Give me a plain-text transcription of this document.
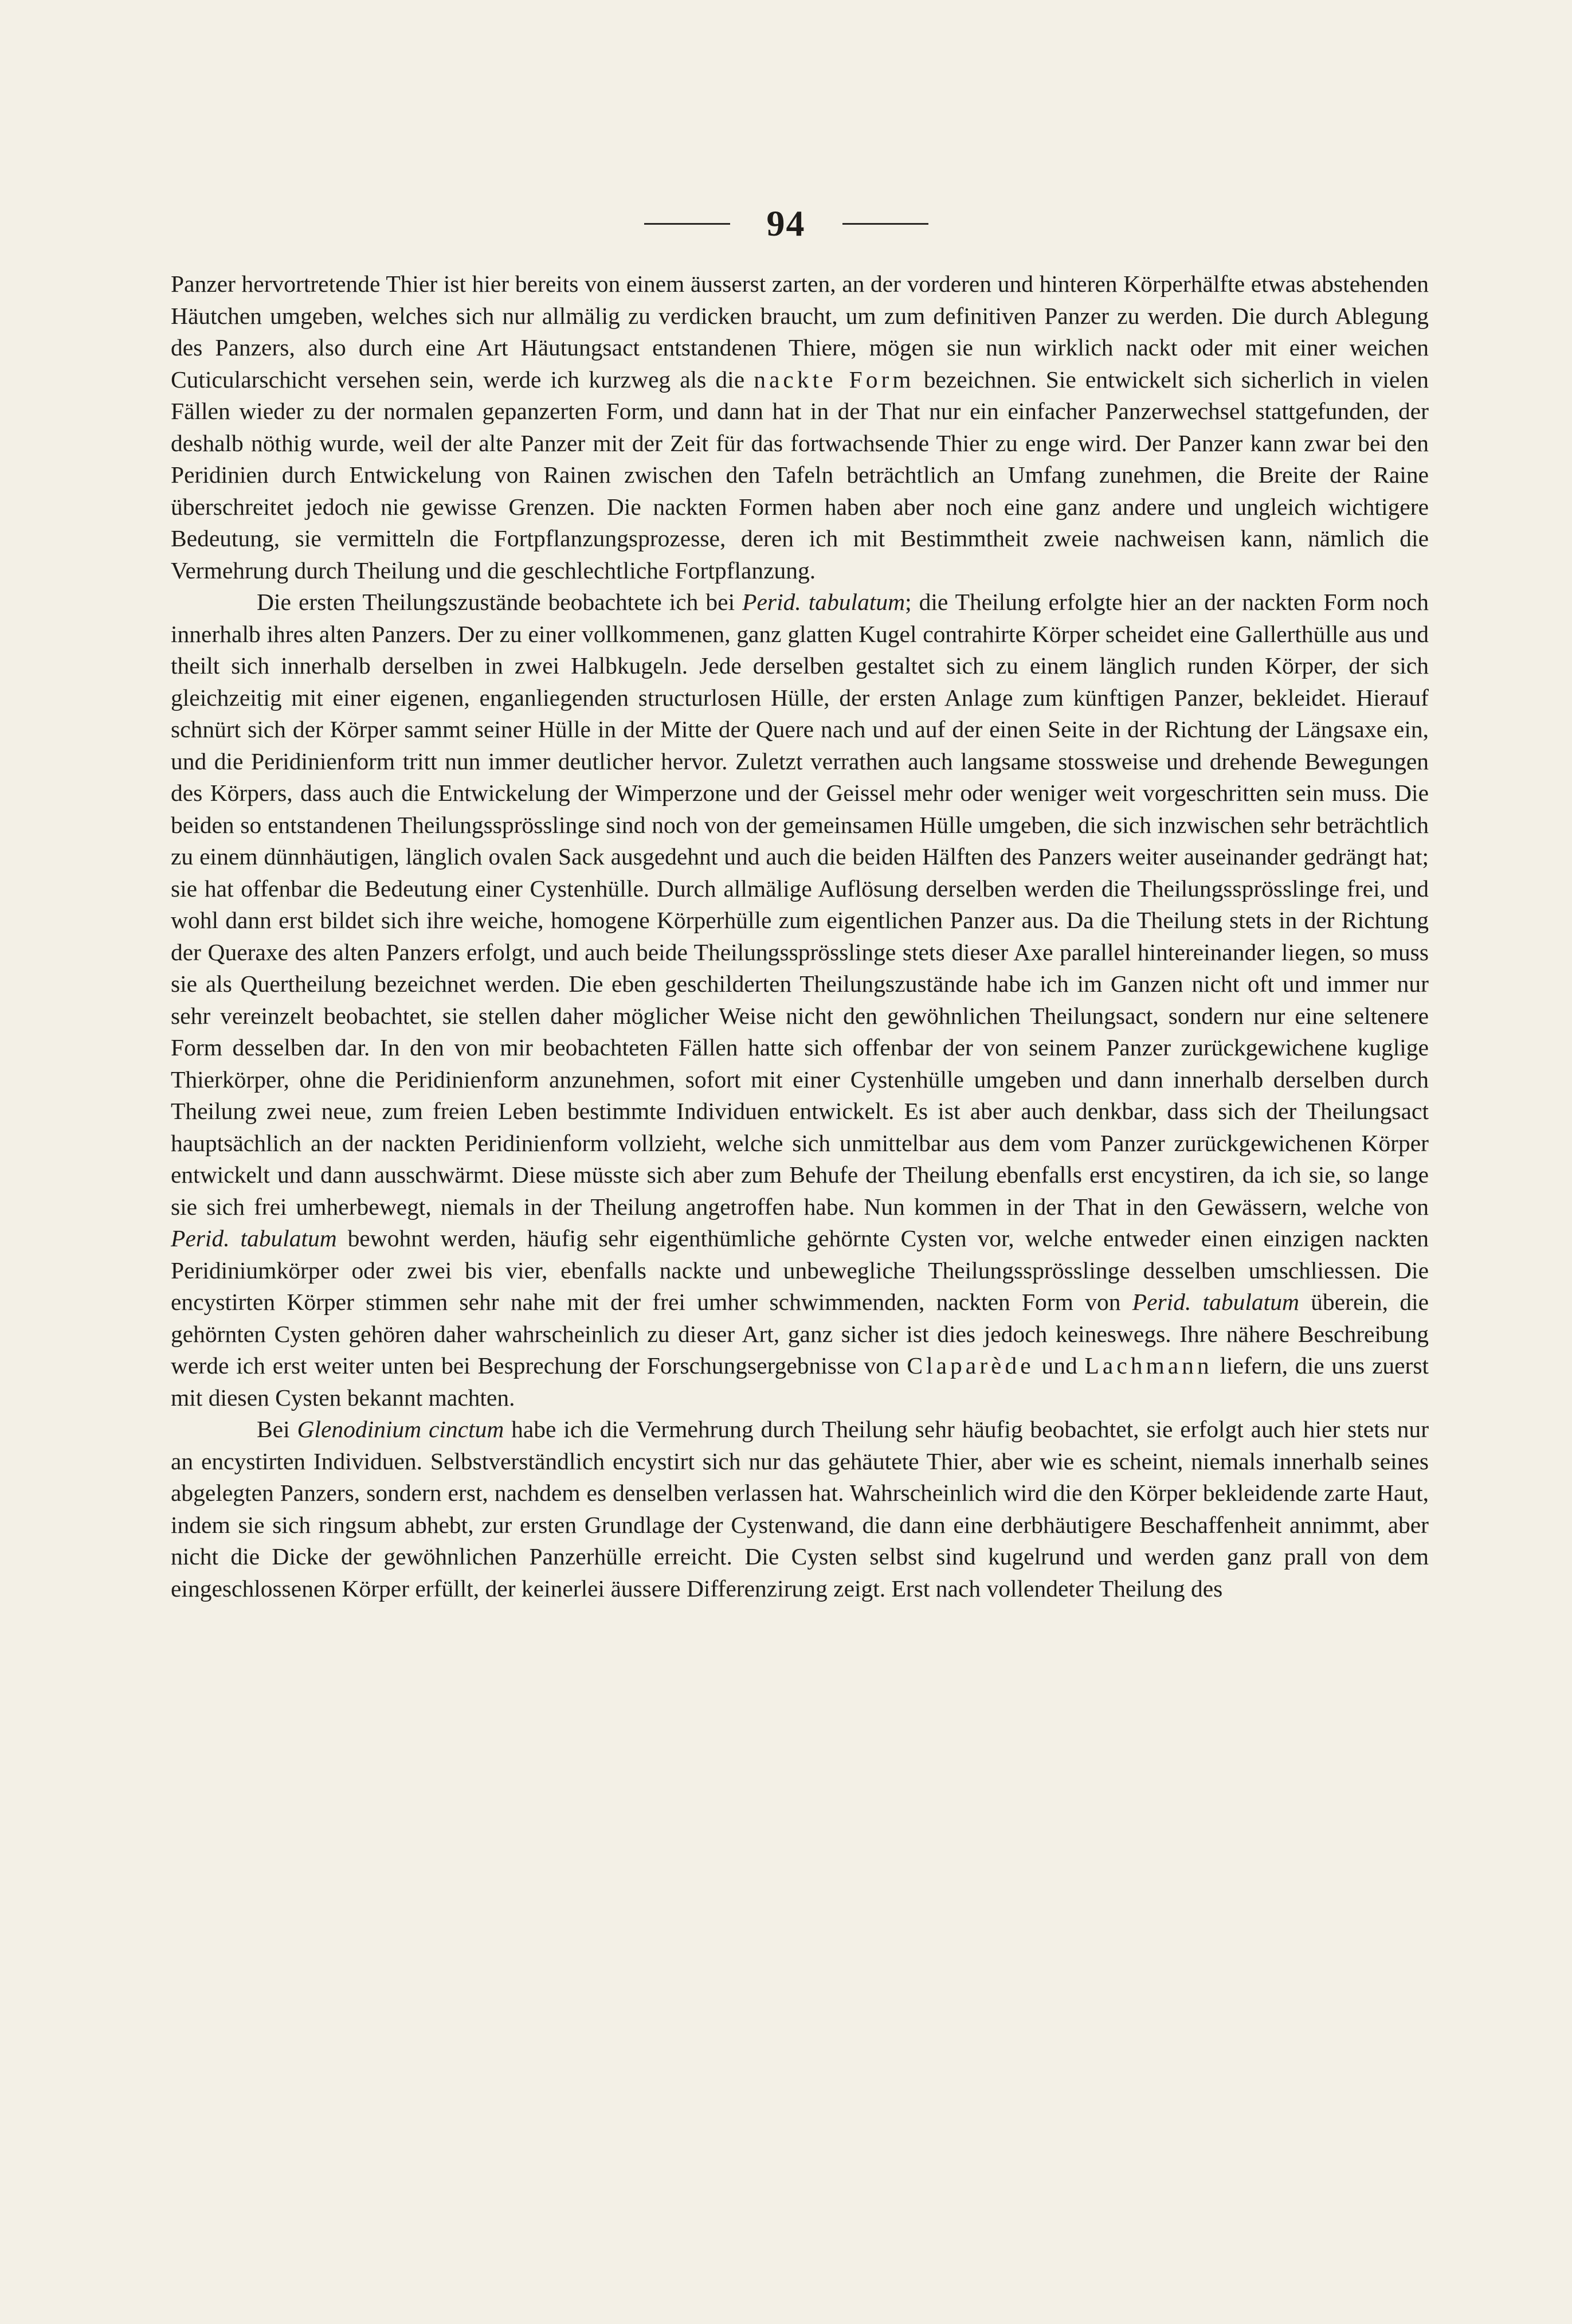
94

Panzer hervortretende Thier ist hier bereits von einem äusserst zarten, an der vorderen und hinteren Körperhälfte etwas abstehenden Häutchen umgeben, welches sich nur allmälig zu verdicken braucht, um zum definitiven Panzer zu werden. Die durch Ablegung des Panzers, also durch eine Art Häutungsact entstandenen Thiere, mögen sie nun wirklich nackt oder mit einer weichen Cuticularschicht versehen sein, werde ich kurzweg als die nackte Form bezeichnen. Sie entwickelt sich sicherlich in vielen Fällen wieder zu der normalen gepanzerten Form, und dann hat in der That nur ein einfacher Panzerwechsel stattgefunden, der deshalb nöthig wurde, weil der alte Panzer mit der Zeit für das fortwachsende Thier zu enge wird. Der Panzer kann zwar bei den Peridinien durch Entwickelung von Rainen zwischen den Tafeln beträchtlich an Umfang zunehmen, die Breite der Raine überschreitet jedoch nie gewisse Grenzen. Die nackten Formen haben aber noch eine ganz andere und ungleich wichtigere Bedeutung, sie vermitteln die Fortpflanzungsprozesse, deren ich mit Bestimmtheit zweie nachweisen kann, nämlich die Vermehrung durch Theilung und die geschlechtliche Fortpflanzung.

Die ersten Theilungszustände beobachtete ich bei Perid. tabulatum; die Theilung erfolgte hier an der nackten Form noch innerhalb ihres alten Panzers. Der zu einer vollkommenen, ganz glatten Kugel contrahirte Körper scheidet eine Gallerthülle aus und theilt sich innerhalb derselben in zwei Halbkugeln. Jede derselben gestaltet sich zu einem länglich runden Körper, der sich gleichzeitig mit einer eigenen, enganliegenden structurlosen Hülle, der ersten Anlage zum künftigen Panzer, bekleidet. Hierauf schnürt sich der Körper sammt seiner Hülle in der Mitte der Quere nach und auf der einen Seite in der Richtung der Längsaxe ein, und die Peridinienform tritt nun immer deutlicher hervor. Zuletzt verrathen auch langsame stossweise und drehende Bewegungen des Körpers, dass auch die Entwickelung der Wimperzone und der Geissel mehr oder weniger weit vorgeschritten sein muss. Die beiden so entstandenen Theilungssprösslinge sind noch von der gemeinsamen Hülle umgeben, die sich inzwischen sehr beträchtlich zu einem dünnhäutigen, länglich ovalen Sack ausgedehnt und auch die beiden Hälften des Panzers weiter auseinander gedrängt hat; sie hat offenbar die Bedeutung einer Cystenhülle. Durch allmälige Auflösung derselben werden die Theilungssprösslinge frei, und wohl dann erst bildet sich ihre weiche, homogene Körperhülle zum eigentlichen Panzer aus. Da die Theilung stets in der Richtung der Queraxe des alten Panzers erfolgt, und auch beide Theilungssprösslinge stets dieser Axe parallel hintereinander liegen, so muss sie als Quertheilung bezeichnet werden. Die eben geschilderten Theilungszustände habe ich im Ganzen nicht oft und immer nur sehr vereinzelt beobachtet, sie stellen daher möglicher Weise nicht den gewöhnlichen Theilungsact, sondern nur eine seltenere Form desselben dar. In den von mir beobachteten Fällen hatte sich offenbar der von seinem Panzer zurückgewichene kuglige Thierkörper, ohne die Peridinienform anzunehmen, sofort mit einer Cystenhülle umgeben und dann innerhalb derselben durch Theilung zwei neue, zum freien Leben bestimmte Individuen entwickelt. Es ist aber auch denkbar, dass sich der Theilungsact hauptsächlich an der nackten Peridinienform vollzieht, welche sich unmittelbar aus dem vom Panzer zurückgewichenen Körper entwickelt und dann ausschwärmt. Diese müsste sich aber zum Behufe der Theilung ebenfalls erst encystiren, da ich sie, so lange sie sich frei umherbewegt, niemals in der Theilung angetroffen habe. Nun kommen in der That in den Gewässern, welche von Perid. tabulatum bewohnt werden, häufig sehr eigenthümliche gehörnte Cysten vor, welche entweder einen einzigen nackten Peridiniumkörper oder zwei bis vier, ebenfalls nackte und unbewegliche Theilungssprösslinge desselben umschliessen. Die encystirten Körper stimmen sehr nahe mit der frei umher schwimmenden, nackten Form von Perid. tabulatum überein, die gehörnten Cysten gehören daher wahrscheinlich zu dieser Art, ganz sicher ist dies jedoch keineswegs. Ihre nähere Beschreibung werde ich erst weiter unten bei Besprechung der Forschungsergebnisse von Claparède und Lachmann liefern, die uns zuerst mit diesen Cysten bekannt machten.

Bei Glenodinium cinctum habe ich die Vermehrung durch Theilung sehr häufig beobachtet, sie erfolgt auch hier stets nur an encystirten Individuen. Selbstverständlich encystirt sich nur das gehäutete Thier, aber wie es scheint, niemals innerhalb seines abgelegten Panzers, sondern erst, nachdem es denselben verlassen hat. Wahrscheinlich wird die den Körper bekleidende zarte Haut, indem sie sich ringsum abhebt, zur ersten Grundlage der Cystenwand, die dann eine derbhäutigere Beschaffenheit annimmt, aber nicht die Dicke der gewöhnlichen Panzerhülle erreicht. Die Cysten selbst sind kugelrund und werden ganz prall von dem eingeschlossenen Körper erfüllt, der keinerlei äussere Differenzirung zeigt. Erst nach vollendeter Theilung des
